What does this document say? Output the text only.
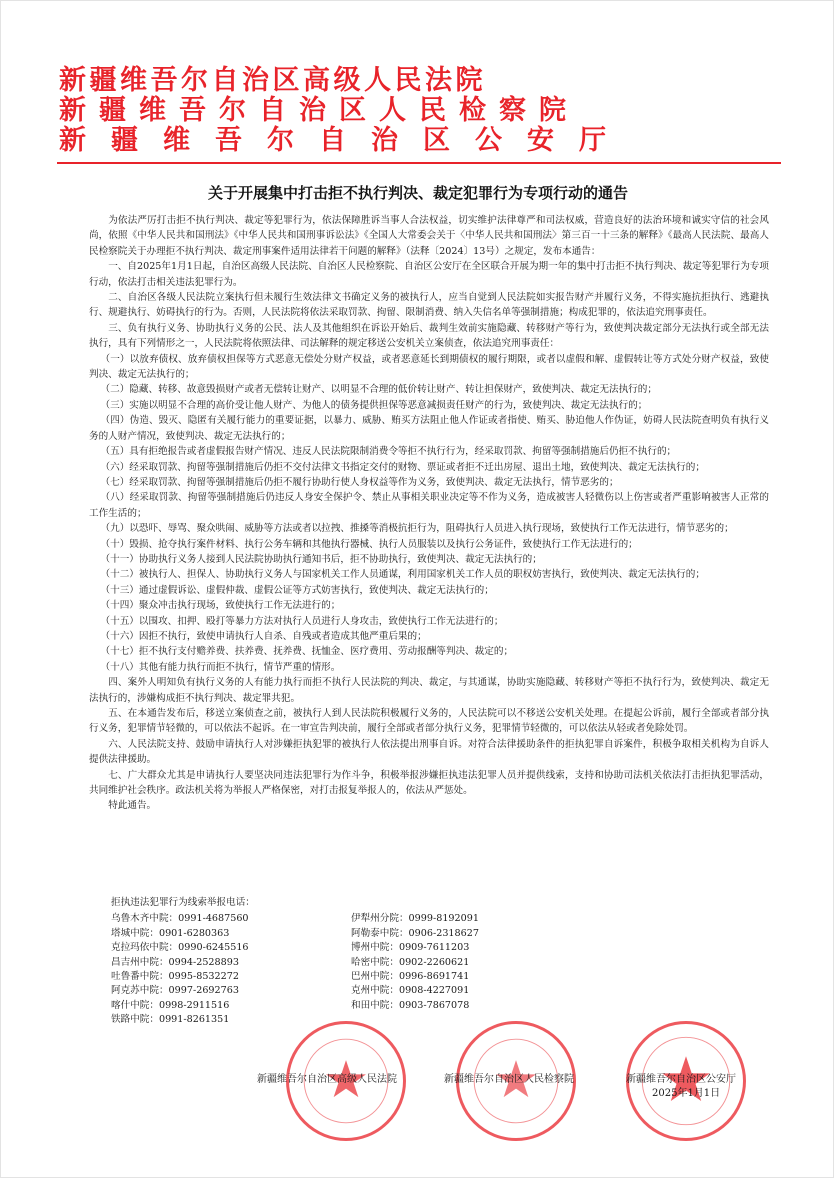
新疆维吾尔自治区高级人民法院
新疆维吾尔自治区人民检察院
新疆维吾尔自治区公安厅
关于开展集中打击拒不执行判决、裁定犯罪行为专项行动的通告

为依法严厉打击拒不执行判决、裁定等犯罪行为，依法保障胜诉当事人合法权益，切实维护法律尊严和司法权威，营造良好的法治环境和诚实守信的社会风尚，依照《中华人民共和国刑法》《中华人民共和国刑事诉讼法》《全国人大常委会关于〈中华人民共和国刑法〉第三百一十三条的解释》《最高人民法院、最高人民检察院关于办理拒不执行判决、裁定刑事案件适用法律若干问题的解释》（法释〔2024〕13号）之规定，发布本通告：

一、自2025年1月1日起，自治区高级人民法院、自治区人民检察院、自治区公安厅在全区联合开展为期一年的集中打击拒不执行判决、裁定等犯罪行为专项行动，依法打击相关违法犯罪行为。

二、自治区各级人民法院立案执行但未履行生效法律文书确定义务的被执行人，应当自觉到人民法院如实报告财产并履行义务，不得实施抗拒执行、逃避执行、规避执行、妨碍执行的行为。否则，人民法院将依法采取罚款、拘留、限制消费、纳入失信名单等强制措施；构成犯罪的，依法追究刑事责任。

三、负有执行义务、协助执行义务的公民、法人及其他组织在诉讼开始后、裁判生效前实施隐藏、转移财产等行为，致使判决裁定部分无法执行或全部无法执行，具有下列情形之一，人民法院将依照法律、司法解释的规定移送公安机关立案侦查，依法追究刑事责任：

（一）以放弃债权、放弃债权担保等方式恶意无偿处分财产权益，或者恶意延长到期债权的履行期限，或者以虚假和解、虚假转让等方式处分财产权益，致使判决、裁定无法执行的；

（二）隐藏、转移、故意毁损财产或者无偿转让财产、以明显不合理的低价转让财产、转让担保财产，致使判决、裁定无法执行的；

（三）实施以明显不合理的高价受让他人财产、为他人的债务提供担保等恶意减损责任财产的行为，致使判决、裁定无法执行的；

（四）伪造、毁灭、隐匿有关履行能力的重要证据，以暴力、威胁、贿买方法阻止他人作证或者指使、贿买、胁迫他人作伪证，妨碍人民法院查明负有执行义务的人财产情况，致使判决、裁定无法执行的；

（五）具有拒绝报告或者虚假报告财产情况、违反人民法院限制消费令等拒不执行行为，经采取罚款、拘留等强制措施后仍拒不执行的；

（六）经采取罚款、拘留等强制措施后仍拒不交付法律文书指定交付的财物、票证或者拒不迁出房屋、退出土地，致使判决、裁定无法执行的；

（七）经采取罚款、拘留等强制措施后仍拒不履行协助行使人身权益等作为义务，致使判决、裁定无法执行，情节恶劣的；

（八）经采取罚款、拘留等强制措施后仍违反人身安全保护令、禁止从事相关职业决定等不作为义务，造成被害人轻微伤以上伤害或者严重影响被害人正常的工作生活的；

（九）以恐吓、辱骂、聚众哄闹、威胁等方法或者以拉拽、推搡等消极抗拒行为，阻碍执行人员进入执行现场，致使执行工作无法进行，情节恶劣的；

（十）毁损、抢夺执行案件材料、执行公务车辆和其他执行器械、执行人员服装以及执行公务证件，致使执行工作无法进行的；

（十一）协助执行义务人接到人民法院协助执行通知书后，拒不协助执行，致使判决、裁定无法执行的；

（十二）被执行人、担保人、协助执行义务人与国家机关工作人员通谋，利用国家机关工作人员的职权妨害执行，致使判决、裁定无法执行的；

（十三）通过虚假诉讼、虚假仲裁、虚假公证等方式妨害执行，致使判决、裁定无法执行的；

（十四）聚众冲击执行现场，致使执行工作无法进行的；

（十五）以围攻、扣押、殴打等暴力方法对执行人员进行人身攻击，致使执行工作无法进行的；

（十六）因拒不执行，致使申请执行人自杀、自残或者造成其他严重后果的；

（十七）拒不执行支付赡养费、扶养费、抚养费、抚恤金、医疗费用、劳动报酬等判决、裁定的；

（十八）其他有能力执行而拒不执行，情节严重的情形。

四、案外人明知负有执行义务的人有能力执行而拒不执行人民法院的判决、裁定，与其通谋，协助实施隐藏、转移财产等拒不执行行为，致使判决、裁定无法执行的，涉嫌构成拒不执行判决、裁定罪共犯。

五、在本通告发布后，移送立案侦查之前，被执行人到人民法院积极履行义务的，人民法院可以不移送公安机关处理。在提起公诉前，履行全部或者部分执行义务，犯罪情节轻微的，可以依法不起诉。在一审宣告判决前，履行全部或者部分执行义务，犯罪情节轻微的，可以依法从轻或者免除处罚。

六、人民法院支持、鼓励申请执行人对涉嫌拒执犯罪的被执行人依法提出刑事自诉。对符合法律援助条件的拒执犯罪自诉案件，积极争取相关机构为自诉人提供法律援助。

七、广大群众尤其是申请执行人要坚决同违法犯罪行为作斗争，积极举报涉嫌拒执违法犯罪人员并提供线索，支持和协助司法机关依法打击拒执犯罪活动，共同维护社会秩序。政法机关将为举报人严格保密，对打击报复举报人的，依法从严惩处。

特此通告。

拒执违法犯罪行为线索举报电话：
乌鲁木齐中院：0991-4687560
塔城中院：0901-6280363
克拉玛依中院：0990-6245516
昌吉州中院：0994-2528893
吐鲁番中院：0995-8532272
阿克苏中院：0997-2692763
喀什中院：0998-2911516
铁路中院：0991-8261351
伊犁州分院：0999-8192091
阿勒泰中院：0906-2318627
博州中院：0909-7611203
哈密中院：0902-2260621
巴州中院：0996-8691741
克州中院：0908-4227091
和田中院：0903-7867078
新疆维吾尔自治区高级人民法院	新疆维吾尔自治区人民检察院	新疆维吾尔自治区公安厅
2025年1月1日
